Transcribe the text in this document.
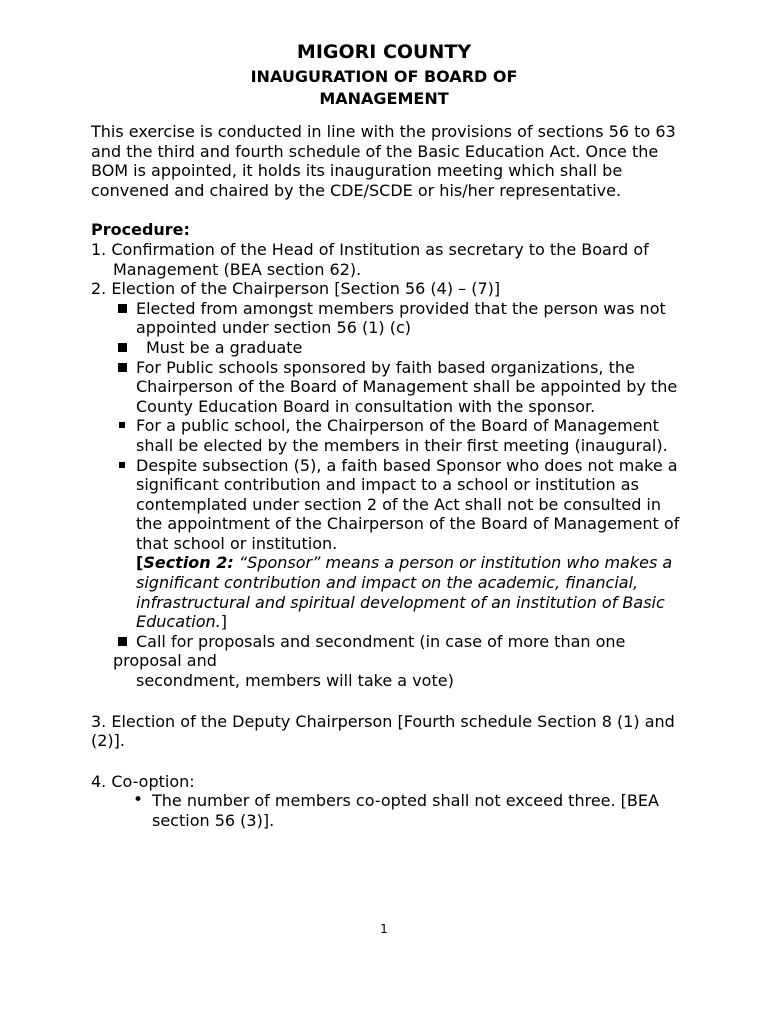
MIGORI COUNTY
INAUGURATION OF BOARD OF
MANAGEMENT

This exercise is conducted in line with the provisions of sections 56 to 63 and the third and fourth schedule of the Basic Education Act. Once the BOM is appointed, it holds its inauguration meeting which shall be convened and chaired by the CDE/SCDE or his/her representative.

Procedure:

1. Confirmation of the Head of Institution as secretary to the Board of Management (BEA section 62).

2. Election of the Chairperson [Section 56 (4) – (7)]

Elected from amongst members provided that the person was not appointed under section 56 (1) (c)
Must be a graduate
For Public schools sponsored by faith based organizations, the Chairperson of the Board of Management shall be appointed by the County Education Board in consultation with the sponsor.
For a public school, the Chairperson of the Board of Management shall be elected by the members in their first meeting (inaugural).
Despite subsection (5), a faith based Sponsor who does not make a significant contribution and impact to a school or institution as contemplated under section 2 of the Act shall not be consulted in the appointment of the Chairperson of the Board of Management of that school or institution.
[Section 2: “Sponsor” means a person or institution who makes a significant contribution and impact on the academic, financial, infrastructural and spiritual development of an institution of Basic Education.]
Call for proposals and secondment (in case of more than one proposal and
secondment, members will take a vote)

3. Election of the Deputy Chairperson [Fourth schedule Section 8 (1) and (2)].

4. Co-option:

• The number of members co-opted shall not exceed three. [BEA section 56 (3)].
1
